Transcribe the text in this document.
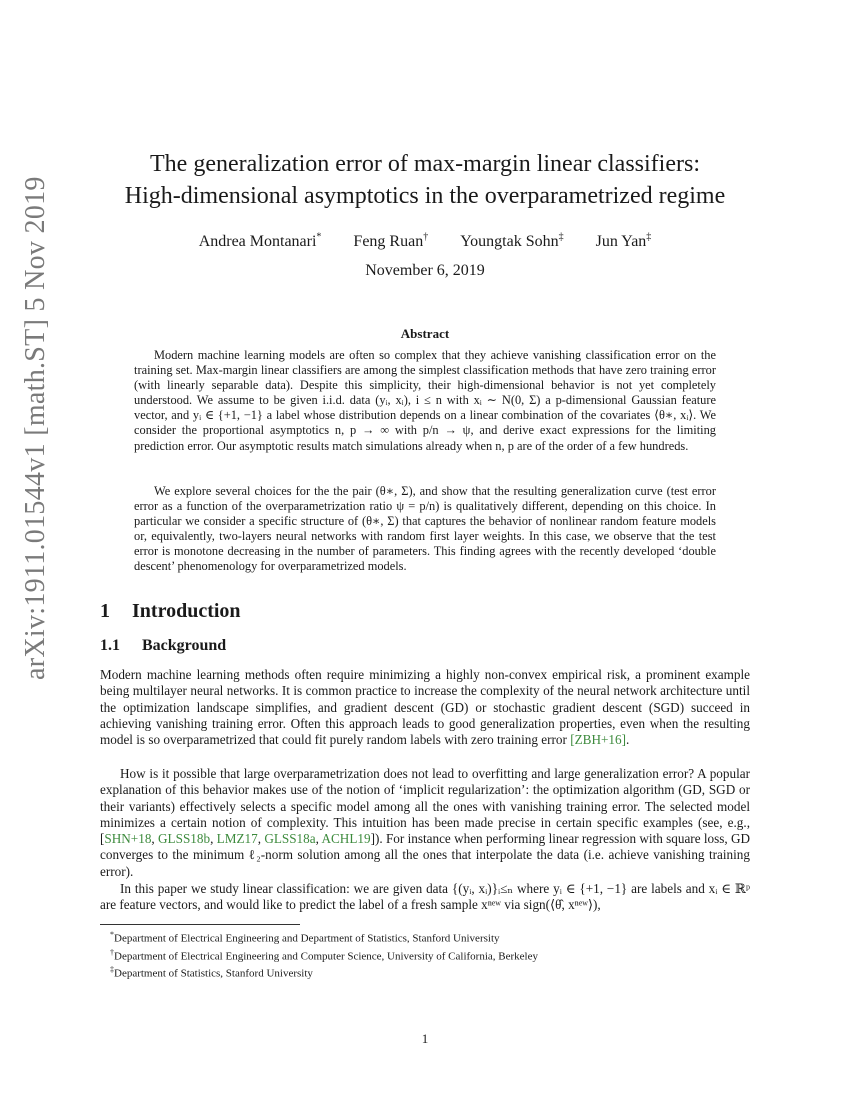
arXiv:1911.01544v1 [math.ST] 5 Nov 2019
The generalization error of max-margin linear classifiers:
High-dimensional asymptotics in the overparametrized regime
Andrea Montanari* Feng Ruan† Youngtak Sohn‡ Jun Yan‡
November 6, 2019
Abstract

Modern machine learning models are often so complex that they achieve vanishing classification error on the training set. Max-margin linear classifiers are among the simplest classification methods that have zero training error (with linearly separable data). Despite this simplicity, their high-dimensional behavior is not yet completely understood. We assume to be given i.i.d. data (yᵢ, xᵢ), i ≤ n with xᵢ ∼ N(0, Σ) a p-dimensional Gaussian feature vector, and yᵢ ∈ {+1, −1} a label whose distribution depends on a linear combination of the covariates ⟨θ∗, xᵢ⟩. We consider the proportional asymptotics n, p → ∞ with p/n → ψ, and derive exact expressions for the limiting prediction error. Our asymptotic results match simulations already when n, p are of the order of a few hundreds.

We explore several choices for the the pair (θ∗, Σ), and show that the resulting generalization curve (test error error as a function of the overparametrization ratio ψ = p/n) is qualitatively different, depending on this choice. In particular we consider a specific structure of (θ∗, Σ) that captures the behavior of nonlinear random feature models or, equivalently, two-layers neural networks with random first layer weights. In this case, we observe that the test error is monotone decreasing in the number of parameters. This finding agrees with the recently developed ‘double descent’ phenomenology for overparametrized models.

1 Introduction
1.1 Background

Modern machine learning methods often require minimizing a highly non-convex empirical risk, a prominent example being multilayer neural networks. It is common practice to increase the complexity of the neural network architecture until the optimization landscape simplifies, and gradient descent (GD) or stochastic gradient descent (SGD) succeed in achieving vanishing training error. Often this approach leads to good generalization properties, even when the resulting model is so overparametrized that could fit purely random labels with zero training error [ZBH+16].

How is it possible that large overparametrization does not lead to overfitting and large generalization error? A popular explanation of this behavior makes use of the notion of ‘implicit regularization’: the optimization algorithm (GD, SGD or their variants) effectively selects a specific model among all the ones with vanishing training error. The selected model minimizes a certain notion of complexity. This intuition has been made precise in certain specific examples (see, e.g., [SHN+18, GLSS18b, LMZ17, GLSS18a, ACHL19]). For instance when performing linear regression with square loss, GD converges to the minimum ℓ₂-norm solution among all the ones that interpolate the data (i.e. achieve vanishing training error).

In this paper we study linear classification: we are given data {(yᵢ, xᵢ)}ᵢ≤ₙ where yᵢ ∈ {+1, −1} are labels and xᵢ ∈ ℝᵖ are feature vectors, and would like to predict the label of a fresh sample xⁿᵉʷ via sign(⟨θ̂, xⁿᵉʷ⟩),

*Department of Electrical Engineering and Department of Statistics, Stanford University
†Department of Electrical Engineering and Computer Science, University of California, Berkeley
‡Department of Statistics, Stanford University
1
